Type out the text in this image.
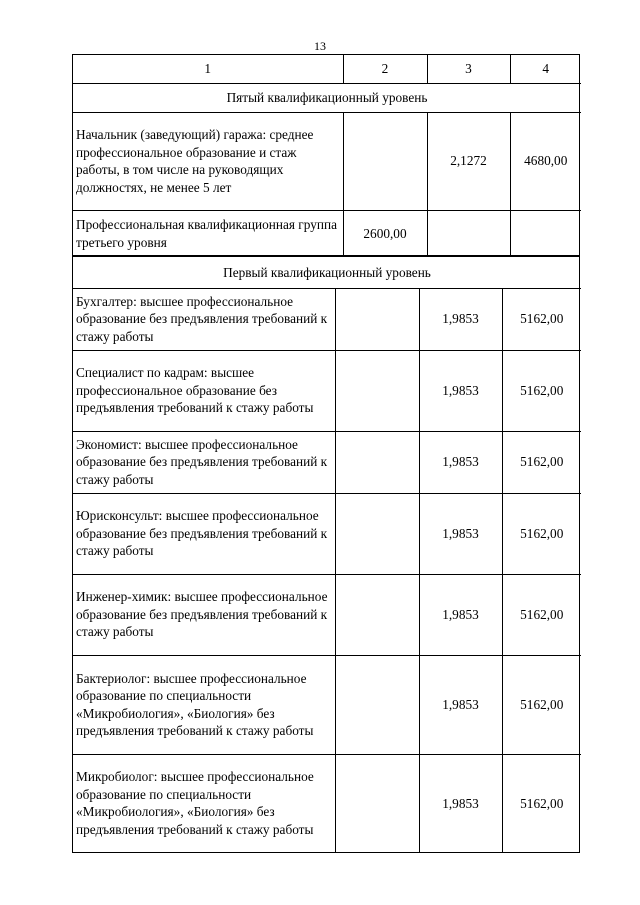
13
1	2	3	4
Пятый квалификационный уровень			
Начальник (заведующий) гаража: среднее профессиональное образование и стаж работы, в том числе на руководящих должностях, не менее 5 лет		2,1272	4680,00
Профессиональная квалификационная группа третьего уровня	2600,00		
Первый квалификационный уровень			
Бухгалтер: высшее профессиональное образование без предъявления требований к стажу работы		1,9853	5162,00
Специалист по кадрам: высшее профессиональное образование без предъявления требований к стажу работы		1,9853	5162,00
Экономист: высшее профессиональное образование без предъявления требований к стажу работы		1,9853	5162,00
Юрисконсульт: высшее профессиональное образование без предъявления требований к стажу работы		1,9853	5162,00
Инженер-химик: высшее профессиональное образование без предъявления требований к стажу работы		1,9853	5162,00
Бактериолог: высшее профессиональное образование по специальности «Микробиология», «Биология» без предъявления требований к стажу работы		1,9853	5162,00
Микробиолог: высшее профессиональное образование по специальности «Микробиология», «Биология» без предъявления требований к стажу работы		1,9853	5162,00
